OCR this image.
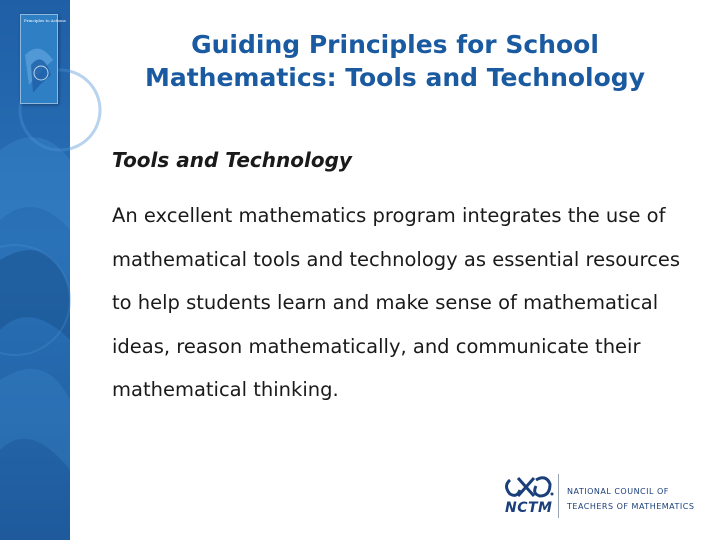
Principles to Actions
Guiding Principles for School Mathematics: Tools and Technology
Tools and Technology

An excellent mathematics program integrates the use of mathematical tools and technology as essential resources to help students learn and make sense of mathematical ideas, reason mathematically, and communicate their mathematical thinking.

NCTM
NATIONAL COUNCIL OF
TEACHERS OF MATHEMATICS
